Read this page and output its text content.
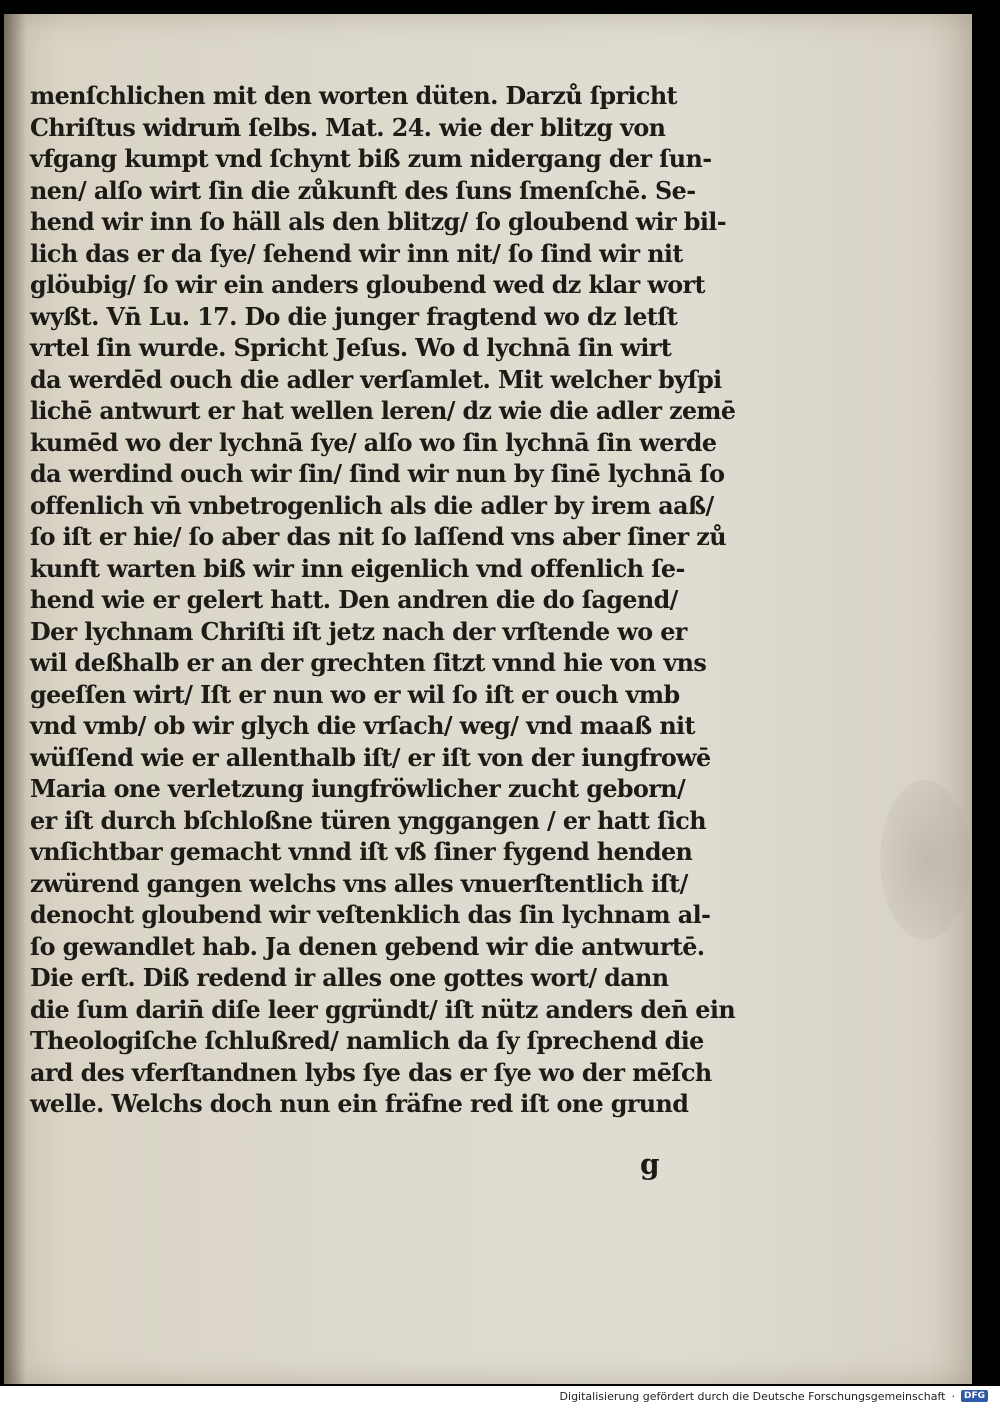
menſchlichen mit den worten düten. Darzů ſpricht
Chriſtus widrum̄ ſelbs. Mat. 24. wie der blitzg von
vfgang kumpt vnd ſchynt biß zum nidergang der ſun-
nen/ alſo wirt ſin die zůkunft des ſuns ſmenſchē. Se-
hend wir inn ſo häll als den blitzg/ ſo gloubend wir bil-
lich das er da ſye/ ſehend wir inn nit/ ſo ſind wir nit
glöubig/ ſo wir ein anders gloubend wed dz klar wort
wyßt. Vn̄ Lu. 17. Do die junger fragtend wo dz letſt
vrtel ſin wurde. Spricht Jeſus. Wo d lychnā ſin wirt
da werdēd ouch die adler verſamlet. Mit welcher byſpi
lichē antwurt er hat wellen leren/ dz wie die adler zemē
kumēd wo der lychnā ſye/ alſo wo ſin lychnā ſin werde
da werdind ouch wir ſin/ ſind wir nun by ſinē lychnā ſo
offenlich vn̄ vnbetrogenlich als die adler by irem aaß/
ſo iſt er hie/ ſo aber das nit ſo laſſend vns aber ſiner zů
kunft warten biß wir inn eigenlich vnd offenlich ſe-
hend wie er gelert hatt. Den andren die do ſagend/
Der lychnam Chriſti iſt jetz nach der vrſtende wo er
wil deßhalb er an der grechten ſitzt vnnd hie von vns
geeſſen wirt/ Iſt er nun wo er wil ſo iſt er ouch vmb
vnd vmb/ ob wir glych die vrſach/ weg/ vnd maaß nit
wüſſend wie er allenthalb iſt/ er iſt von der iungfrowē
Maria one verletzung iungfröwlicher zucht geborn/
er iſt durch bſchloßne türen ynggangen / er hatt ſich
vnſichtbar gemacht vnnd iſt vß ſiner fygend henden
zwürend gangen welchs vns alles vnuerſtentlich iſt/
denocht gloubend wir veſtenklich das ſin lychnam al-
ſo gewandlet hab. Ja denen gebend wir die antwurtē.
Die erſt. Diß redend ir alles one gottes wort/ dann
die ſum darin̄ diſe leer ggründt/ iſt nütz anders den̄ ein
Theologiſche ſchlußred/ namlich da ſy ſprechend die
ard des vferſtandnen lybs ſye das er ſye wo der mēſch
welle. Welchs doch nun ein fräfne red iſt one grund
g
Digitalisierung gefördert durch die Deutsche Forschungsgemeinschaft ·	DFG
